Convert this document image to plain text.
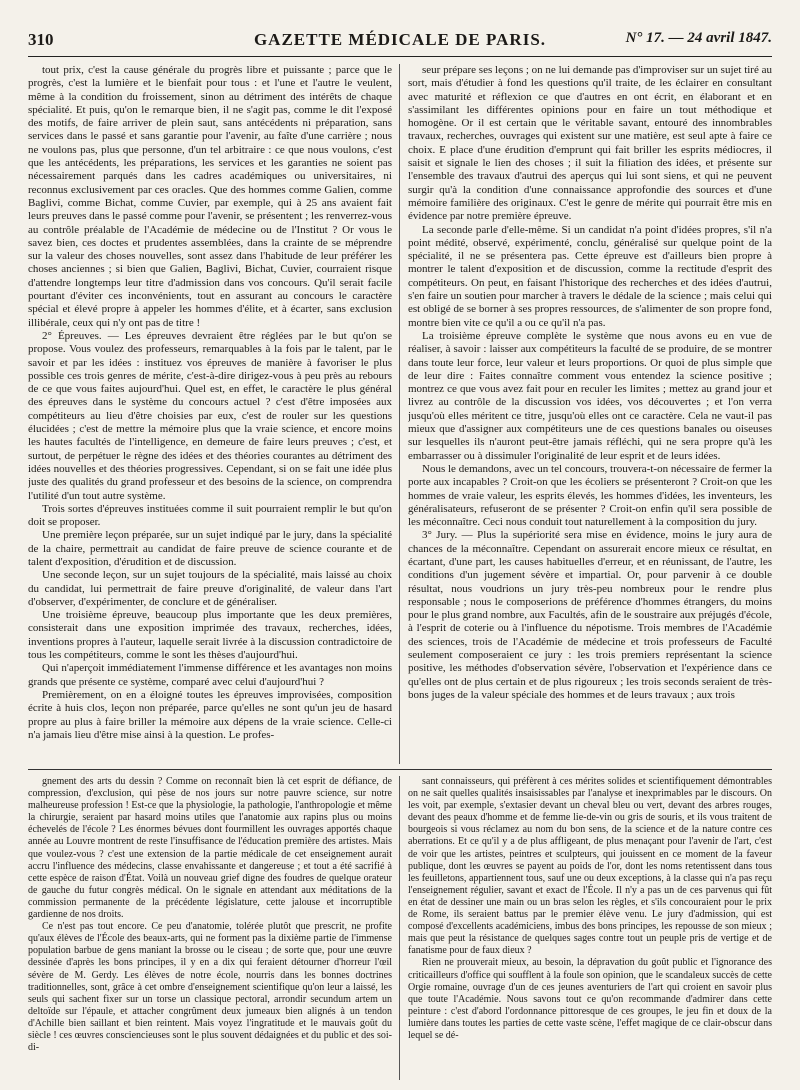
310	GAZETTE MÉDICALE DE PARIS.	N° 17. — 24 avril 1847.

tout prix, c'est la cause générale du progrès libre et puissante ; parce que le progrès, c'est la lumière et le bienfait pour tous : et l'une et l'autre le veulent, même à la condition du froissement, sinon au détriment des intérêts de chaque spécialité. Et puis, qu'on le remarque bien, il ne s'agit pas, comme le dit l'exposé des motifs, de faire arriver de plein saut, sans antécédents ni préparation, sans services dans le passé et sans garantie pour l'avenir, au faîte d'une carrière ; nous ne voulons pas, plus que personne, d'un tel arbitraire : ce que nous voulons, c'est que les antécédents, les préparations, les services et les garanties ne soient pas nécessairement parqués dans les cadres académiques ou universitaires, ni reconnus exclusivement par ces oracles. Que des hommes comme Galien, comme Baglivi, comme Bichat, comme Cuvier, par exemple, qui à 25 ans avaient fait leurs preuves dans le passé comme pour l'avenir, se présentent ; les renverrez-vous au contrôle préalable de l'Académie de médecine ou de l'Institut ? Or vous le savez bien, ces doctes et prudentes assemblées, dans la crainte de se méprendre sur la valeur des choses nouvelles, sont assez dans l'habitude de leur préférer les choses anciennes ; si bien que Galien, Baglivi, Bichat, Cuvier, courraient risque d'attendre longtemps leur titre d'admission dans vos concours. Qu'il serait facile pourtant d'éviter ces inconvénients, tout en assurant au concours le caractère spécial et élevé propre à appeler les hommes d'élite, et à écarter, sans exclusion illibérale, ceux qui n'y ont pas de titre !

2° Épreuves. — Les épreuves devraient être réglées par le but qu'on se propose. Vous voulez des professeurs, remarquables à la fois par le talent, par le savoir et par les idées : instituez vos épreuves de manière à favoriser le plus possible ces trois genres de mérite, c'est-à-dire dirigez-vous à peu près au rebours de ce que vous faites aujourd'hui. Quel est, en effet, le caractère le plus général des épreuves dans le système du concours actuel ? c'est d'être imposées aux compétiteurs au lieu d'être choisies par eux, c'est de rouler sur les questions élucidées ; c'est de mettre la mémoire plus que la vraie science, et encore moins les hautes facultés de l'intelligence, en demeure de faire leurs preuves ; c'est, et surtout, de perpétuer le règne des idées et des théories courantes au détriment des idées nouvelles et des théories progressives. Cependant, si on se fait une idée plus juste des qualités du grand professeur et des besoins de la science, on comprendra l'utilité d'un tout autre système.

Trois sortes d'épreuves instituées comme il suit pourraient remplir le but qu'on doit se proposer.

Une première leçon préparée, sur un sujet indiqué par le jury, dans la spécialité de la chaire, permettrait au candidat de faire preuve de science courante et de talent d'exposition, d'érudition et de discussion.

Une seconde leçon, sur un sujet toujours de la spécialité, mais laissé au choix du candidat, lui permettrait de faire preuve d'originalité, de valeur dans l'art d'observer, d'expérimenter, de conclure et de généraliser.

Une troisième épreuve, beaucoup plus importante que les deux premières, consisterait dans une exposition imprimée des travaux, recherches, idées, inventions propres à l'auteur, laquelle serait livrée à la discussion contradictoire de tous les compétiteurs, comme le sont les thèses d'aujourd'hui.

Qui n'aperçoit immédiatement l'immense différence et les avantages non moins grands que présente ce système, comparé avec celui d'aujourd'hui ?

Premièrement, on en a éloigné toutes les épreuves improvisées, composition écrite à huis clos, leçon non préparée, parce qu'elles ne sont qu'un jeu de hasard propre au plus à faire briller la mémoire aux dépens de la vraie science. Celle-ci n'a jamais lieu d'être mise ainsi à la question. Le profes-

seur prépare ses leçons ; on ne lui demande pas d'improviser sur un sujet tiré au sort, mais d'étudier à fond les questions qu'il traite, de les éclairer en consultant avec maturité et réflexion ce que d'autres en ont écrit, en élaborant et en s'assimilant les différentes opinions pour en faire un tout méthodique et homogène. Or il est certain que le véritable savant, entouré des innombrables travaux, recherches, ouvrages qui existent sur une matière, est seul apte à faire ce choix. E place d'une érudition d'emprunt qui fait briller les esprits médiocres, il saisit et signale le lien des choses ; il suit la filiation des idées, et présente sur l'ensemble des travaux d'autrui des aperçus qui lui sont siens, et qui ne peuvent surgir qu'à la condition d'une connaissance approfondie des sources et d'une mémoire familière des originaux. C'est le genre de mérite qui pourrait être mis en évidence par notre première épreuve.

La seconde parle d'elle-même. Si un candidat n'a point d'idées propres, s'il n'a point médité, observé, expérimenté, conclu, généralisé sur quelque point de la spécialité, il ne se présentera pas. Cette épreuve est d'ailleurs bien propre à montrer le talent d'exposition et de discussion, comme la rectitude d'esprit des compétiteurs. On peut, en faisant l'historique des recherches et des idées d'autrui, s'en faire un soutien pour marcher à travers le dédale de la science ; mais celui qui est obligé de se borner à ses propres ressources, de s'alimenter de son propre fond, montre bien vite ce qu'il a ou ce qu'il n'a pas.

La troisième épreuve complète le système que nous avons eu en vue de réaliser, à savoir : laisser aux compétiteurs la faculté de se produire, de se montrer dans toute leur force, leur valeur et leurs proportions. Or quoi de plus simple que de leur dire : Faites connaître comment vous entendez la science positive ; montrez ce que vous avez fait pour en reculer les limites ; mettez au grand jour et livrez au contrôle de la discussion vos idées, vos découvertes ; et l'on verra jusqu'où elles méritent ce titre, jusqu'où elles ont ce caractère. Cela ne vaut-il pas mieux que d'assigner aux compétiteurs une de ces questions banales ou oiseuses sur lesquelles ils n'auront peut-être jamais réfléchi, qui ne sera propre qu'à les embarrasser ou à dissimuler l'originalité de leur esprit et de leurs idées.

Nous le demandons, avec un tel concours, trouvera-t-on nécessaire de fermer la porte aux incapables ? Croit-on que les écoliers se présenteront ? Croit-on que les hommes de vraie valeur, les esprits élevés, les hommes d'idées, les inventeurs, les généralisateurs, refuseront de se présenter ? Croit-on enfin qu'il sera possible de les méconnaître. Ceci nous conduit tout naturellement à la composition du jury.

3° Jury. — Plus la supériorité sera mise en évidence, moins le jury aura de chances de la méconnaître. Cependant on assurerait encore mieux ce résultat, en écartant, d'une part, les causes habituelles d'erreur, et en réunissant, de l'autre, les conditions d'un jugement sévère et impartial. Or, pour parvenir à ce double résultat, nous voudrions un jury très-peu nombreux pour le rendre plus responsable ; nous le composerions de préférence d'hommes étrangers, du moins pour le plus grand nombre, aux Facultés, afin de le soustraire aux préjugés d'école, à l'esprit de coterie ou à l'influence du népotisme. Trois membres de l'Académie des sciences, trois de l'Académie de médecine et trois professeurs de Faculté seulement composeraient ce jury : les trois premiers représentant la science positive, les méthodes d'observation sévère, l'observation et l'expérience dans ce qu'elles ont de plus certain et de plus rigoureux ; les trois seconds seraient de très-bons juges de la valeur spéciale des hommes et de leurs travaux ; aux trois

gnement des arts du dessin ? Comme on reconnaît bien là cet esprit de défiance, de compression, d'exclusion, qui pèse de nos jours sur notre pauvre science, sur notre malheureuse profession ! Est-ce que la physiologie, la pathologie, l'anthropologie et même la chirurgie, seraient par hasard moins utiles que l'anatomie aux rapins plus ou moins échevelés de l'école ? Les énormes bévues dont fourmillent les ouvrages apportés chaque année au Louvre montrent de reste l'insuffisance de l'éducation première des artistes. Mais que voulez-vous ? c'est une extension de la partie médicale de cet enseignement aurait accru l'influence des médecins, classe envahissante et dangereuse ; et tout a été sacrifié à cette espèce de raison d'État. Voilà un nouveau grief digne des foudres de quelque orateur de gauche du futur congrès médical. On le signale en attendant aux méditations de la commission permanente de la précédente législature, cette jalouse et incorruptible gardienne de nos droits.

Ce n'est pas tout encore. Ce peu d'anatomie, tolérée plutôt que prescrit, ne profite qu'aux élèves de l'École des beaux-arts, qui ne forment pas la dixième partie de l'immense population barbue de gens maniant la brosse ou le ciseau ; de sorte que, pour une œuvre dessinée d'après les bons principes, il y en a dix qui feraient détourner d'horreur l'œil sévère de M. Gerdy. Les élèves de notre école, nourris dans les bonnes doctrines traditionnelles, sont, grâce à cet ombre d'enseignement scientifique qu'on leur a laissé, les seuls qui sachent fixer sur un torse un classique pectoral, arrondir secundum artem un deltoïde sur l'épaule, et attacher congrûment deux jumeaux bien alignés à un tendon d'Achille bien saillant et bien reintent. Mais voyez l'ingratitude et le mauvais goût du siècle ! ces œuvres consciencieuses sont le plus souvent dédaignées et du public et des soi-di-

sant connaisseurs, qui préfèrent à ces mérites solides et scientifiquement démontrables on ne sait quelles qualités insaisissables par l'analyse et inexprimables par le discours. On les voit, par exemple, s'extasier devant un cheval bleu ou vert, devant des arbres rouges, devant des peaux d'homme et de femme lie-de-vin ou gris de souris, et ils vous traitent de bourgeois si vous réclamez au nom du bon sens, de la science et de la nature contre ces aberrations. Et ce qu'il y a de plus affligeant, de plus menaçant pour l'avenir de l'art, c'est de voir que les artistes, peintres et sculpteurs, qui jouissent en ce moment de la faveur publique, dont les œuvres se payent au poids de l'or, dont les noms retentissent dans tous les feuilletons, appartiennent tous, sauf une ou deux exceptions, à la classe qui n'a pas reçu l'enseignement régulier, savant et exact de l'École. Il n'y a pas un de ces parvenus qui fût en état de dessiner une main ou un bras selon les règles, et s'ils concouraient pour le prix de Rome, ils seraient battus par le premier élève venu. Le jury d'admission, qui est composé d'excellents académiciens, imbus des bons principes, les repousse de son mieux ; mais que peut la résistance de quelques sages contre tout un peuple pris de vertige et de fanatisme pour de faux dieux ?

Rien ne prouverait mieux, au besoin, la dépravation du goût public et l'ignorance des criticailleurs d'office qui soufflent à la foule son opinion, que le scandaleux succès de cette Orgie romaine, ouvrage d'un de ces jeunes aventuriers de l'art qui croient en savoir plus que toute l'Académie. Nous savons tout ce qu'on recommande d'admirer dans cette peinture : c'est d'abord l'ordonnance pittoresque de ces groupes, le jeu fin et doux de la lumière dans toutes les parties de cette vaste scène, l'effet magique de ce clair-obscur dans lequel se dé-
